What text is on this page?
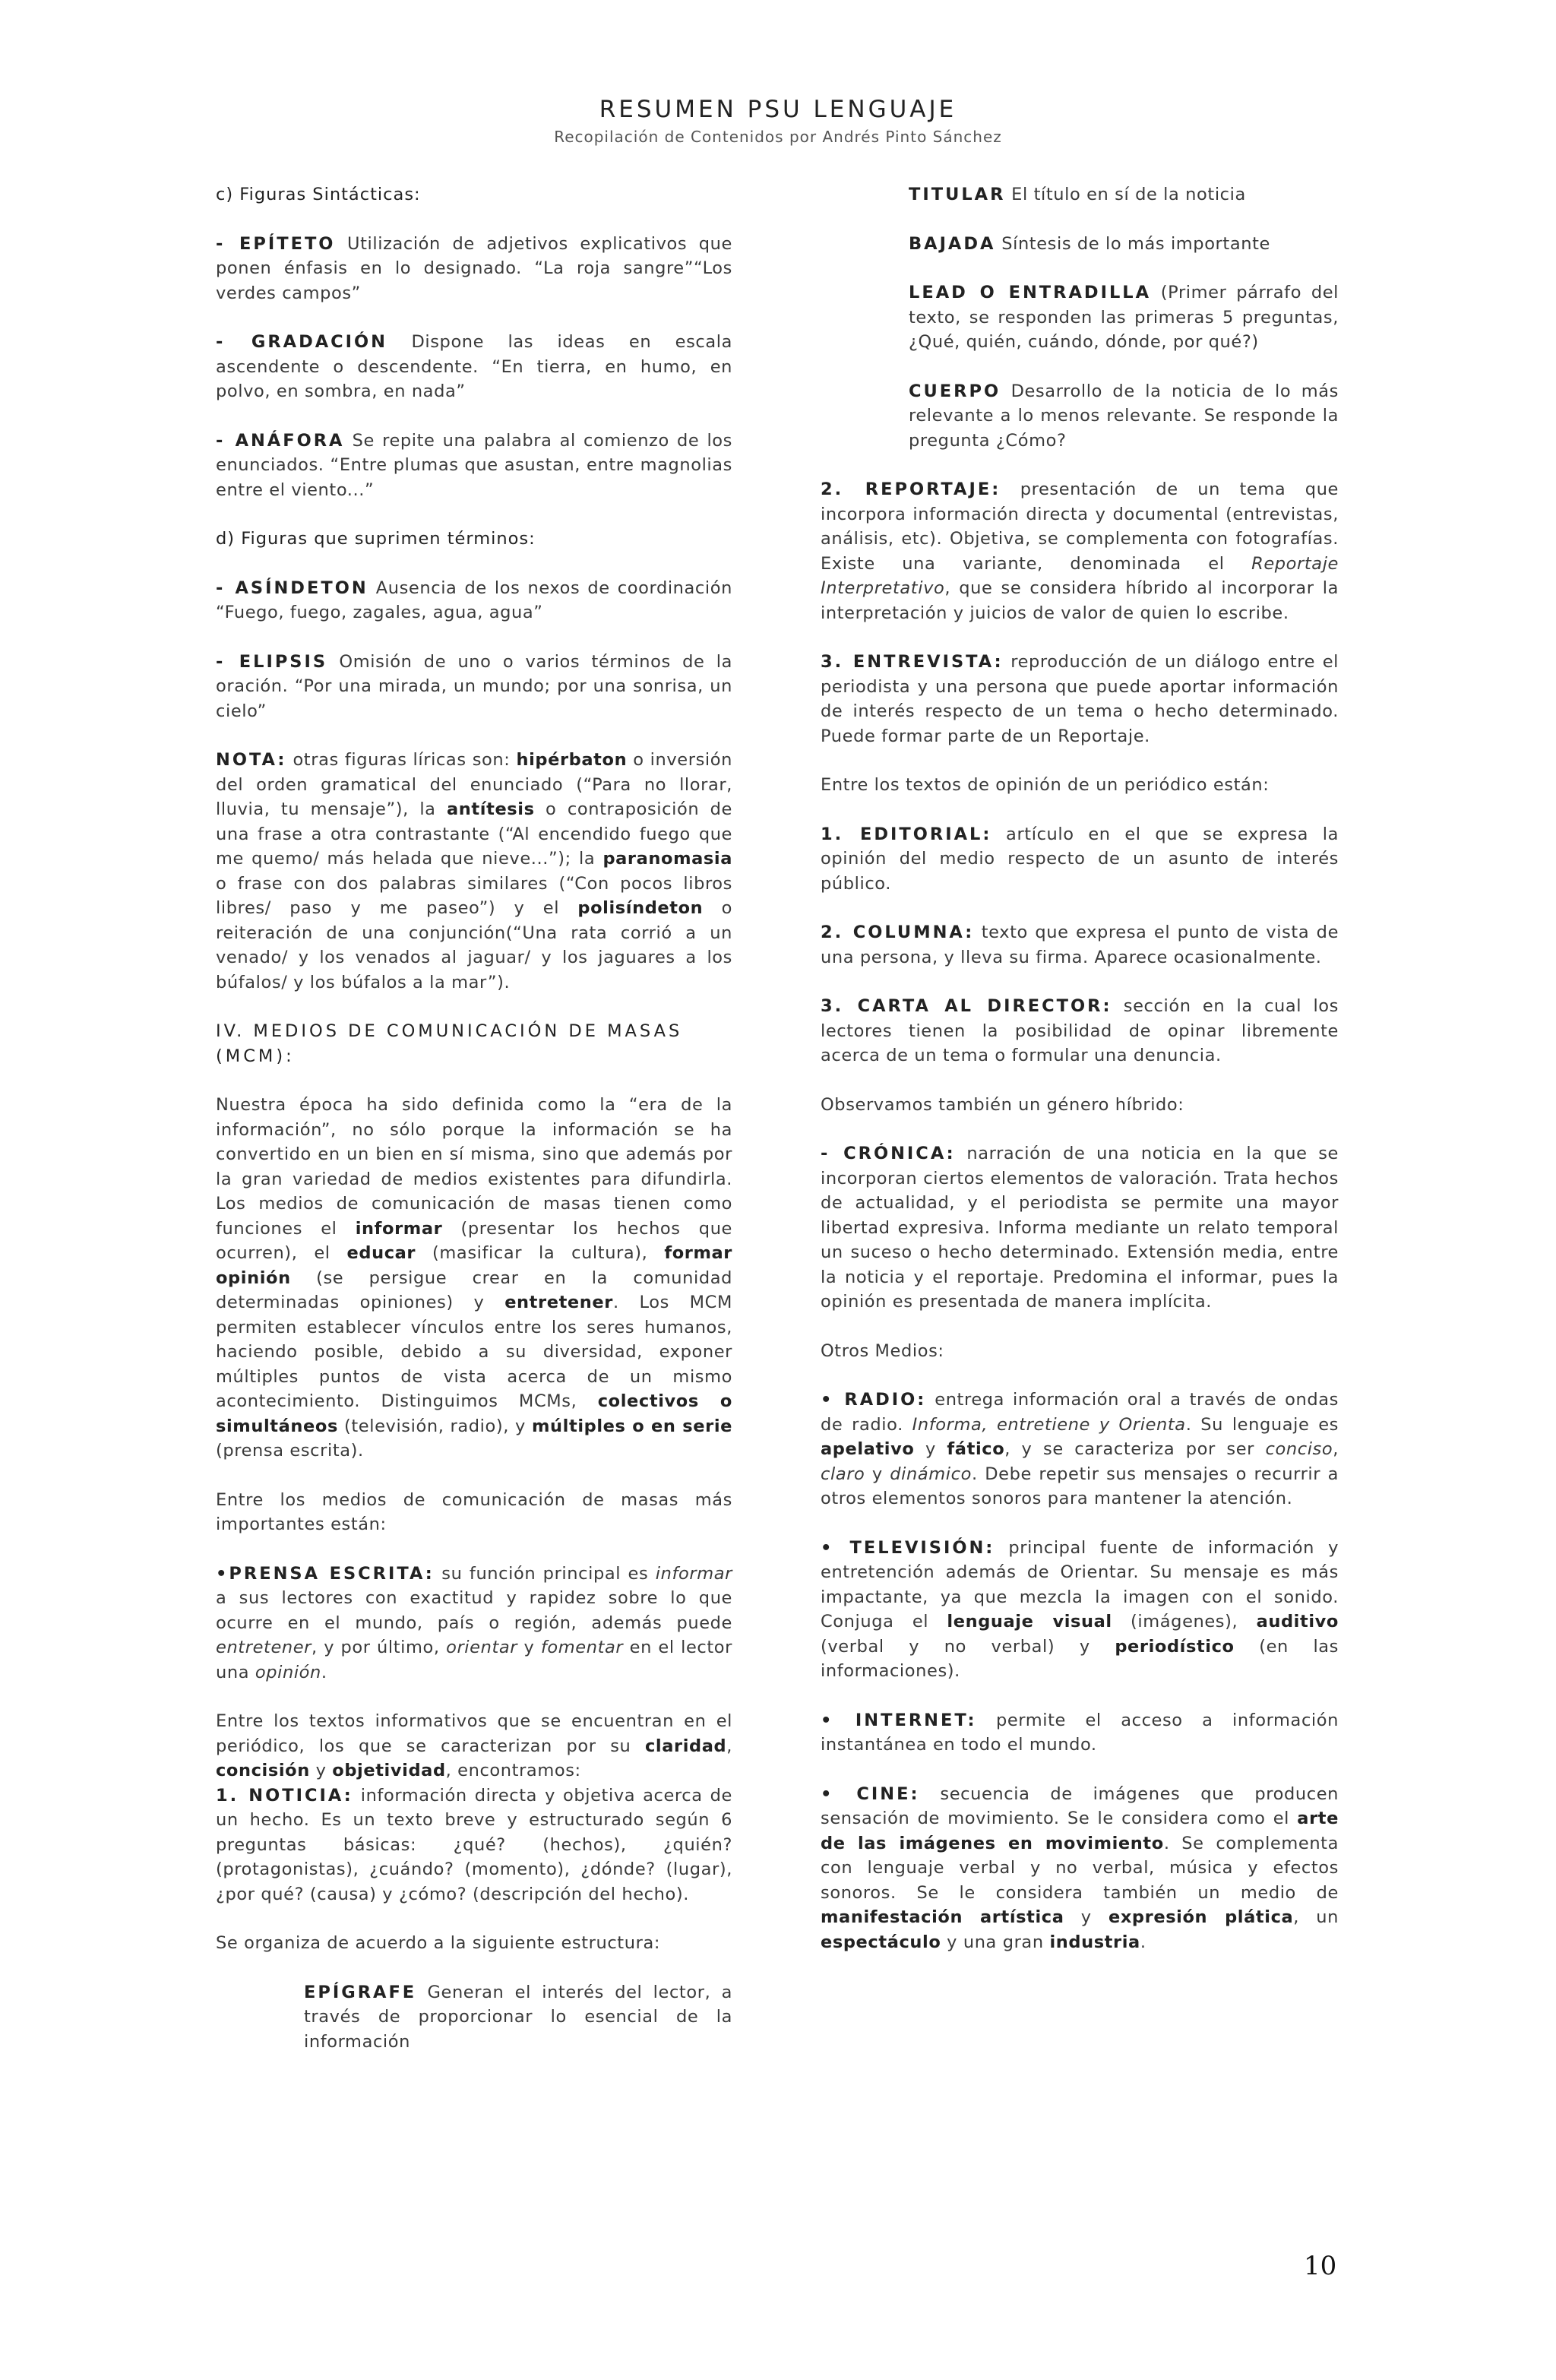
RESUMEN PSU LENGUAJE
Recopilación de Contenidos por Andrés Pinto Sánchez

c) Figuras Sintácticas:

- EPÍTETO Utilización de adjetivos explicativos que ponen énfasis en lo designado. “La roja sangre”“Los verdes campos”

- GRADACIÓN Dispone las ideas en escala ascendente o descendente. “En tierra, en humo, en polvo, en sombra, en nada”

- ANÁFORA Se repite una palabra al comienzo de los enunciados. “Entre plumas que asustan, entre magnolias entre el viento...”

d) Figuras que suprimen términos:

- ASÍNDETON Ausencia de los nexos de coordinación “Fuego, fuego, zagales, agua, agua”

- ELIPSIS Omisión de uno o varios términos de la oración. “Por una mirada, un mundo; por una sonrisa, un cielo”

NOTA: otras figuras líricas son: hipérbaton o inversión del orden gramatical del enunciado (“Para no llorar, lluvia, tu mensaje”), la antítesis o contraposición de una frase a otra contrastante (“Al encendido fuego que me quemo/ más helada que nieve...”); la paranomasia o frase con dos palabras similares (“Con pocos libros libres/ paso y me paseo”) y el polisíndeton o reiteración de una conjunción(“Una rata corrió a un venado/ y los venados al jaguar/ y los jaguares a los búfalos/ y los búfalos a la mar”).

IV. MEDIOS DE COMUNICACIÓN DE MASAS (MCM):

Nuestra época ha sido definida como la “era de la información”, no sólo porque la información se ha convertido en un bien en sí misma, sino que además por la gran variedad de medios existentes para difundirla. Los medios de comunicación de masas tienen como funciones el informar (presentar los hechos que ocurren), el educar (masificar la cultura), formar opinión (se persigue crear en la comunidad determinadas opiniones) y entretener. Los MCM permiten establecer vínculos entre los seres humanos, haciendo posible, debido a su diversidad, exponer múltiples puntos de vista acerca de un mismo acontecimiento. Distinguimos MCMs, colectivos o simultáneos (televisión, radio), y múltiples o en serie (prensa escrita).

Entre los medios de comunicación de masas más importantes están:

•PRENSA ESCRITA: su función principal es informar a sus lectores con exactitud y rapidez sobre lo que ocurre en el mundo, país o región, además puede entretener, y por último, orientar y fomentar en el lector una opinión.

Entre los textos informativos que se encuentran en el periódico, los que se caracterizan por su claridad, concisión y objetividad, encontramos:

1. NOTICIA: información directa y objetiva acerca de un hecho. Es un texto breve y estructurado según 6 preguntas básicas: ¿qué? (hechos), ¿quién? (protagonistas), ¿cuándo? (momento), ¿dónde? (lugar), ¿por qué? (causa) y ¿cómo? (descripción del hecho).

Se organiza de acuerdo a la siguiente estructura:

EPÍGRAFE Generan el interés del lector, a través de proporcionar lo esencial de la información

TITULAR El título en sí de la noticia

BAJADA Síntesis de lo más importante

LEAD O ENTRADILLA (Primer párrafo del texto, se responden las primeras 5 preguntas, ¿Qué, quién, cuándo, dónde, por qué?)

CUERPO Desarrollo de la noticia de lo más relevante a lo menos relevante. Se responde la pregunta ¿Cómo?

2. REPORTAJE: presentación de un tema que incorpora información directa y documental (entrevistas, análisis, etc). Objetiva, se complementa con fotografías. Existe una variante, denominada el Reportaje Interpretativo, que se considera híbrido al incorporar la interpretación y juicios de valor de quien lo escribe.

3. ENTREVISTA: reproducción de un diálogo entre el periodista y una persona que puede aportar información de interés respecto de un tema o hecho determinado. Puede formar parte de un Reportaje.

Entre los textos de opinión de un periódico están:

1. EDITORIAL: artículo en el que se expresa la opinión del medio respecto de un asunto de interés público.

2. COLUMNA: texto que expresa el punto de vista de una persona, y lleva su firma. Aparece ocasionalmente.

3. CARTA AL DIRECTOR: sección en la cual los lectores tienen la posibilidad de opinar libremente acerca de un tema o formular una denuncia.

Observamos también un género híbrido:

- CRÓNICA: narración de una noticia en la que se incorporan ciertos elementos de valoración. Trata hechos de actualidad, y el periodista se permite una mayor libertad expresiva. Informa mediante un relato temporal un suceso o hecho determinado. Extensión media, entre la noticia y el reportaje. Predomina el informar, pues la opinión es presentada de manera implícita.

Otros Medios:

• RADIO: entrega información oral a través de ondas de radio. Informa, entretiene y Orienta. Su lenguaje es apelativo y fático, y se caracteriza por ser conciso, claro y dinámico. Debe repetir sus mensajes o recurrir a otros elementos sonoros para mantener la atención.

• TELEVISIÓN: principal fuente de información y entretención además de Orientar. Su mensaje es más impactante, ya que mezcla la imagen con el sonido. Conjuga el lenguaje visual (imágenes), auditivo (verbal y no verbal) y periodístico (en las informaciones).

• INTERNET: permite el acceso a información instantánea en todo el mundo.

• CINE: secuencia de imágenes que producen sensación de movimiento. Se le considera como el arte de las imágenes en movimiento. Se complementa con lenguaje verbal y no verbal, música y efectos sonoros. Se le considera también un medio de manifestación artística y expresión plática, un espectáculo y una gran industria.

10
